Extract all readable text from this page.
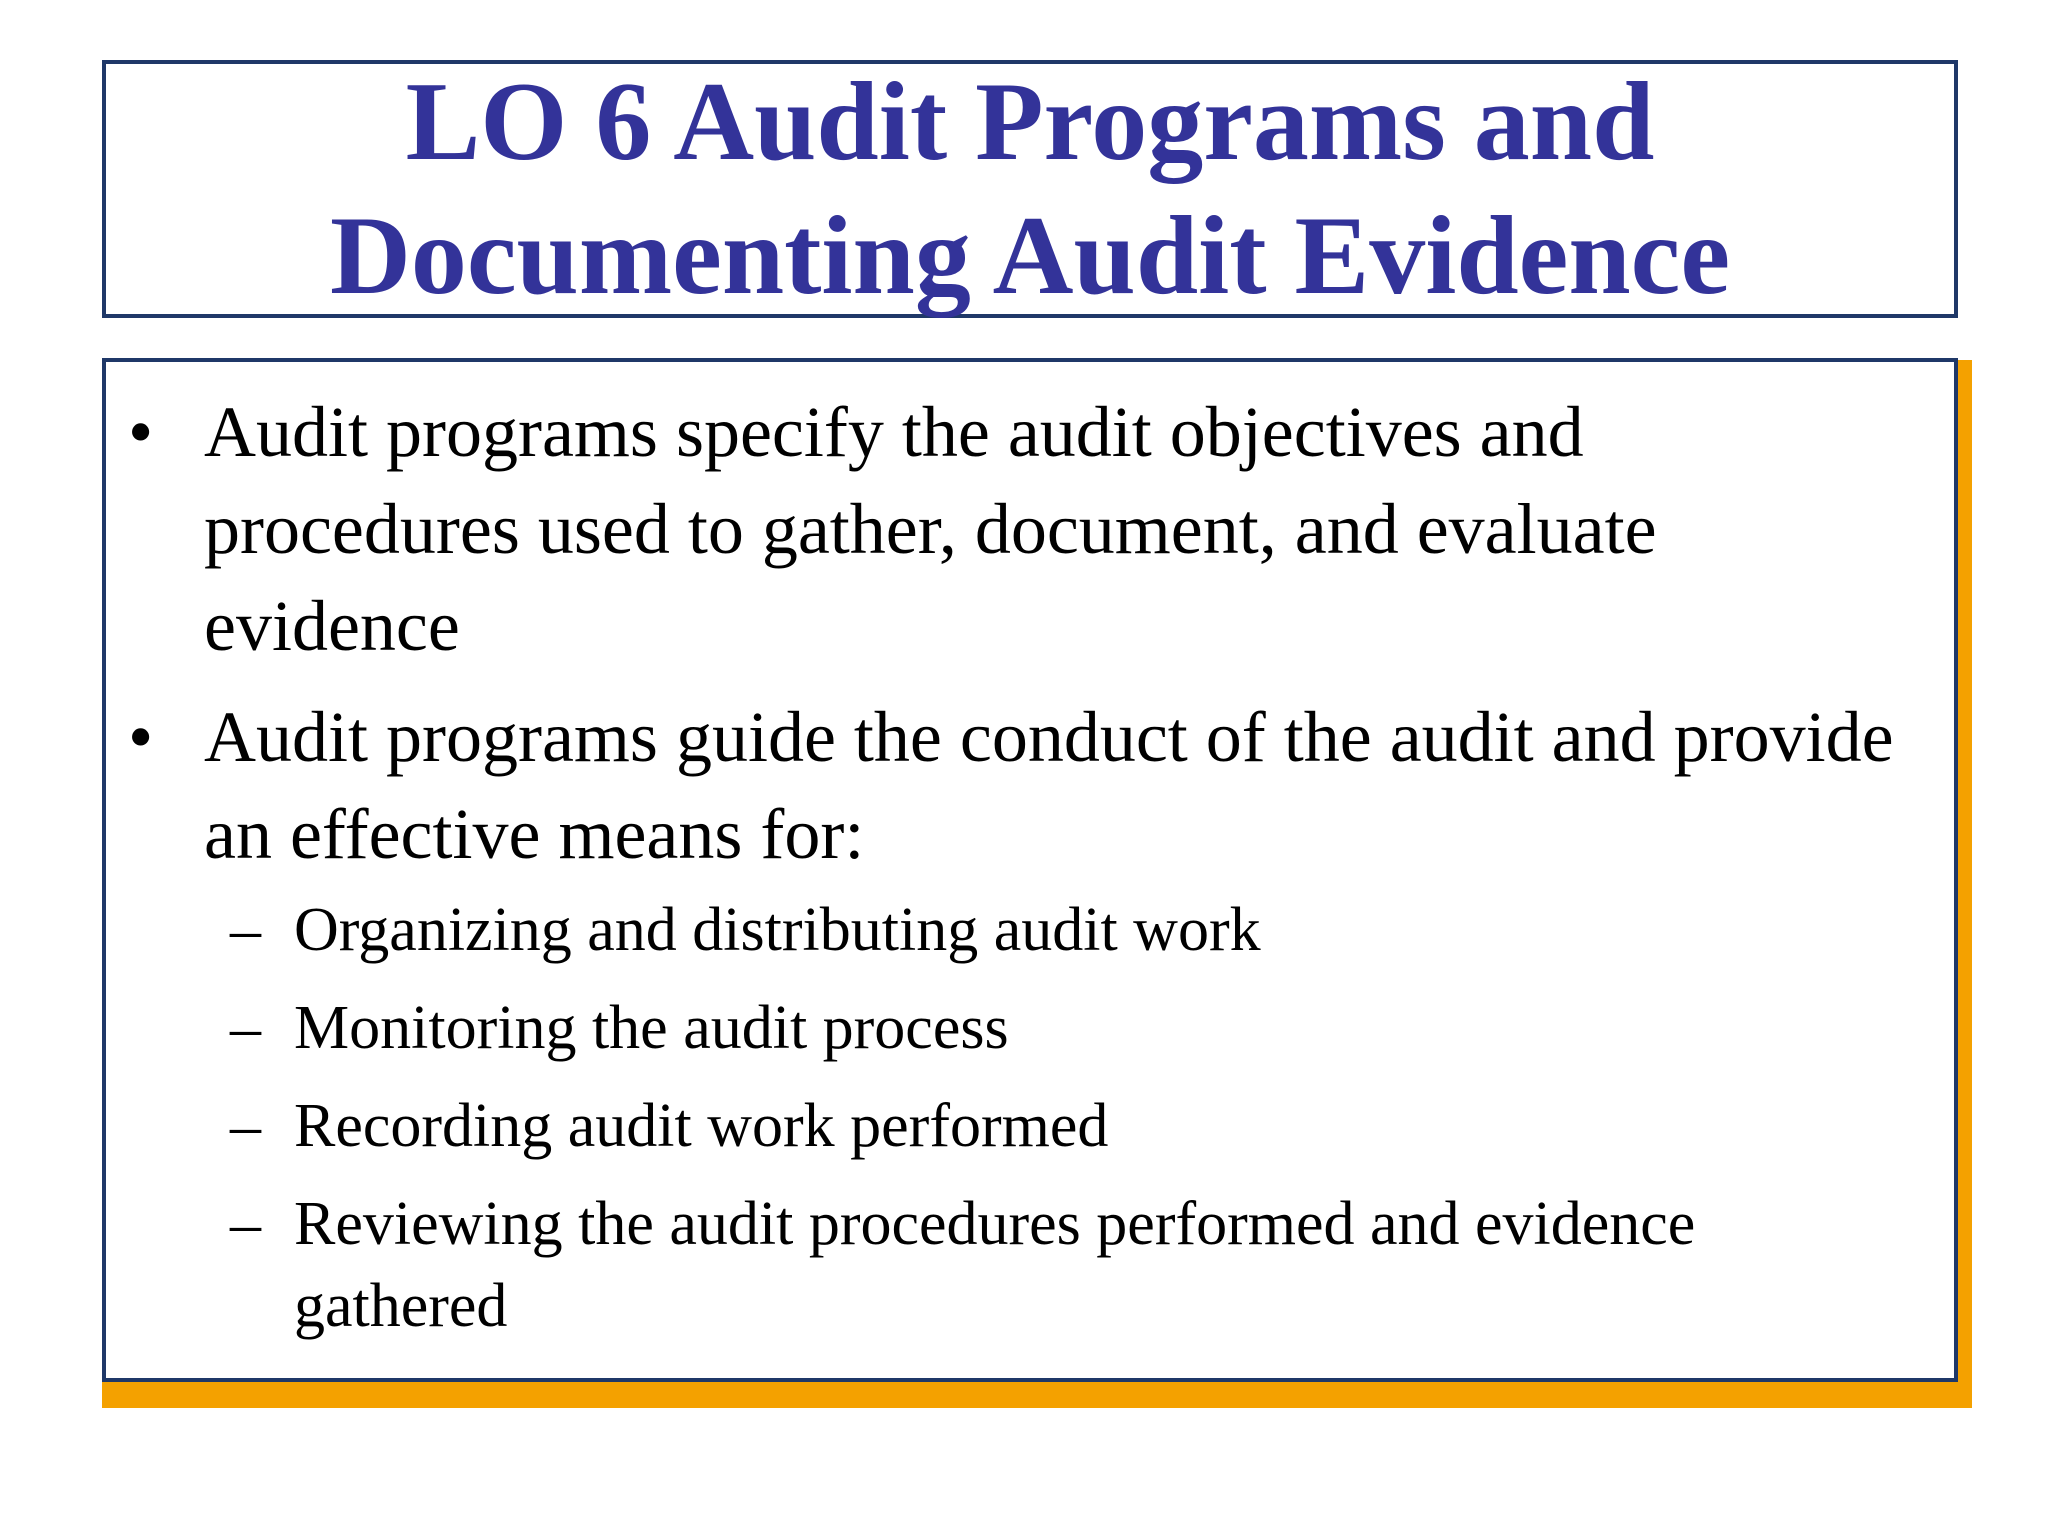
LO 6 Audit Programs and
Documenting Audit Evidence
• Audit programs specify the audit objectives and procedures used to gather, document, and evaluate evidence
• Audit programs guide the conduct of the audit and provide an effective means for:
– Organizing and distributing audit work
– Monitoring the audit process
– Recording audit work performed
– Reviewing the audit procedures performed and evidence gathered
